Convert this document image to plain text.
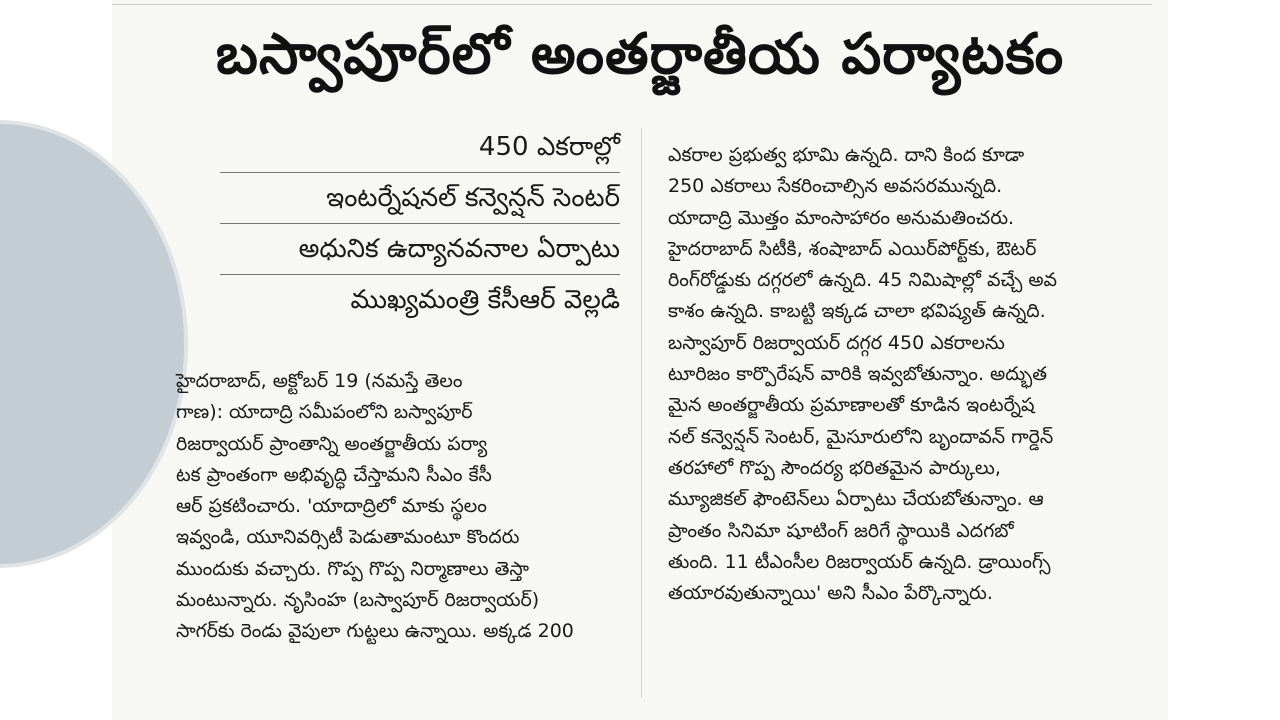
బస్వాపూర్‌లో అంతర్జాతీయ పర్యాటకం
450 ఎకరాల్లో
ఇంటర్నేషనల్ కన్వెన్షన్ సెంటర్
అధునిక ఉద్యానవనాల ఏర్పాటు
ముఖ్యమంత్రి కేసీఆర్ వెల్లడి
హైదరాబాద్, అక్టోబర్ 19 (నమస్తే తెలం
గాణ): యాదాద్రి సమీపంలోని బస్వాపూర్
రిజర్వాయర్ ప్రాంతాన్ని అంతర్జాతీయ పర్యా
టక ప్రాంతంగా అభివృద్ధి చేస్తామని సీఎం కేసీ
ఆర్ ప్రకటించారు. 'యాదాద్రిలో మాకు స్థలం
ఇవ్వండి, యూనివర్సిటీ పెడుతామంటూ కొందరు
ముందుకు వచ్చారు. గొప్ప గొప్ప నిర్మాణాలు తెస్తా
మంటున్నారు. నృసింహ (బస్వాపూర్ రిజర్వాయర్)
సాగర్‌కు రెండు వైపులా గుట్టలు ఉన్నాయి. అక్కడ 200
ఎకరాల ప్రభుత్వ భూమి ఉన్నది. దాని కింద కూడా
250 ఎకరాలు సేకరించాల్సిన అవసరమున్నది.
యాదాద్రి మొత్తం మాంసాహారం అనుమతించరు.
హైదరాబాద్ సిటీకి, శంషాబాద్ ఎయిర్‌పోర్ట్‌కు, ఔటర్
రింగ్‌రోడ్డుకు దగ్గరలో ఉన్నది. 45 నిమిషాల్లో వచ్చే అవ
కాశం ఉన్నది. కాబట్టి ఇక్కడ చాలా భవిష్యత్ ఉన్నది.
బస్వాపూర్ రిజర్వాయర్ దగ్గర 450 ఎకరాలను
టూరిజం కార్పొరేషన్ వారికి ఇవ్వబోతున్నాం. అద్భుత
మైన అంతర్జాతీయ ప్రమాణాలతో కూడిన ఇంటర్నేష
నల్ కన్వెన్షన్ సెంటర్, మైసూరులోని బృందావన్ గార్డెన్
తరహాలో గొప్ప సౌందర్య భరితమైన పార్కులు,
మ్యూజికల్ ఫౌంటెన్‌లు ఏర్పాటు చేయబోతున్నాం. ఆ
ప్రాంతం సినిమా షూటింగ్ జరిగే స్థాయికి ఎదగబో
తుంది. 11 టీఎంసీల రిజర్వాయర్ ఉన్నది. డ్రాయింగ్స్
తయారవుతున్నాయి' అని సీఎం పేర్కొన్నారు.
